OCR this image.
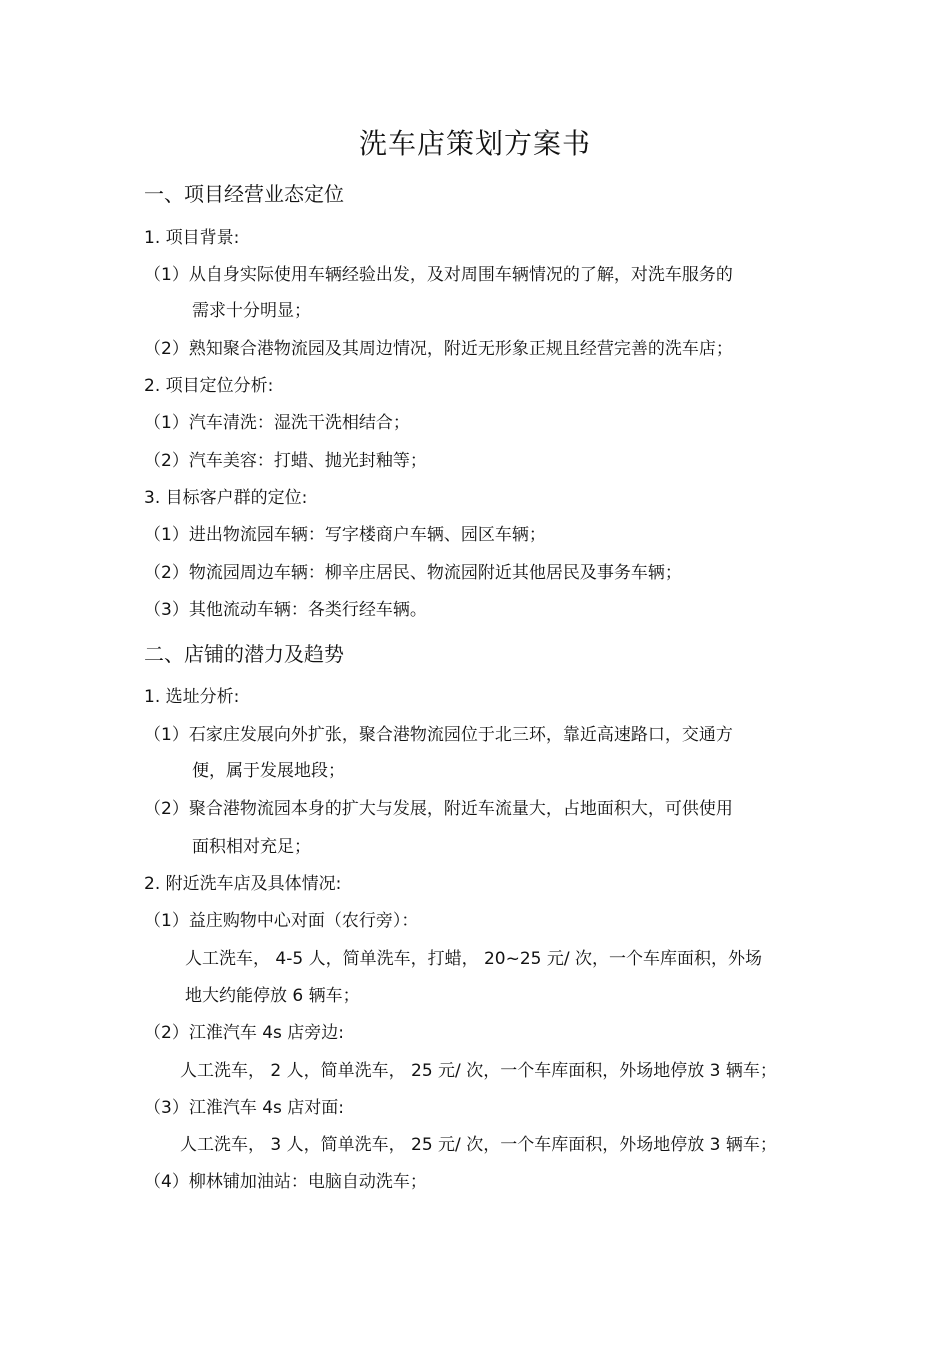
洗车店策划方案书
一、项目经营业态定位
1. 项目背景:
（1）从自身实际使用车辆经验出发，及对周围车辆情况的了解，对洗车服务的
需求十分明显；
（2）熟知聚合港物流园及其周边情况，附近无形象正规且经营完善的洗车店；
2. 项目定位分析:
（1）汽车清洗：湿洗干洗相结合；
（2）汽车美容：打蜡、抛光封釉等；
3. 目标客户群的定位:
（1）进出物流园车辆：写字楼商户车辆、园区车辆；
（2）物流园周边车辆：柳辛庄居民、物流园附近其他居民及事务车辆；
（3）其他流动车辆：各类行经车辆。
二、店铺的潜力及趋势
1. 选址分析:
（1）石家庄发展向外扩张，聚合港物流园位于北三环，靠近高速路口，交通方
便，属于发展地段；
（2）聚合港物流园本身的扩大与发展，附近车流量大，占地面积大，可供使用
面积相对充足；
2. 附近洗车店及具体情况:
（1）益庄购物中心对面（农行旁）：
人工洗车， 4-5 人，简单洗车，打蜡， 20~25 元/ 次，一个车库面积，外场
地大约能停放 6 辆车；
（2）江淮汽车 4s 店旁边:
人工洗车， 2 人，简单洗车， 25 元/ 次，一个车库面积，外场地停放 3 辆车；
（3）江淮汽车 4s 店对面:
人工洗车， 3 人，简单洗车， 25 元/ 次，一个车库面积，外场地停放 3 辆车；
（4）柳林铺加油站：电脑自动洗车；
